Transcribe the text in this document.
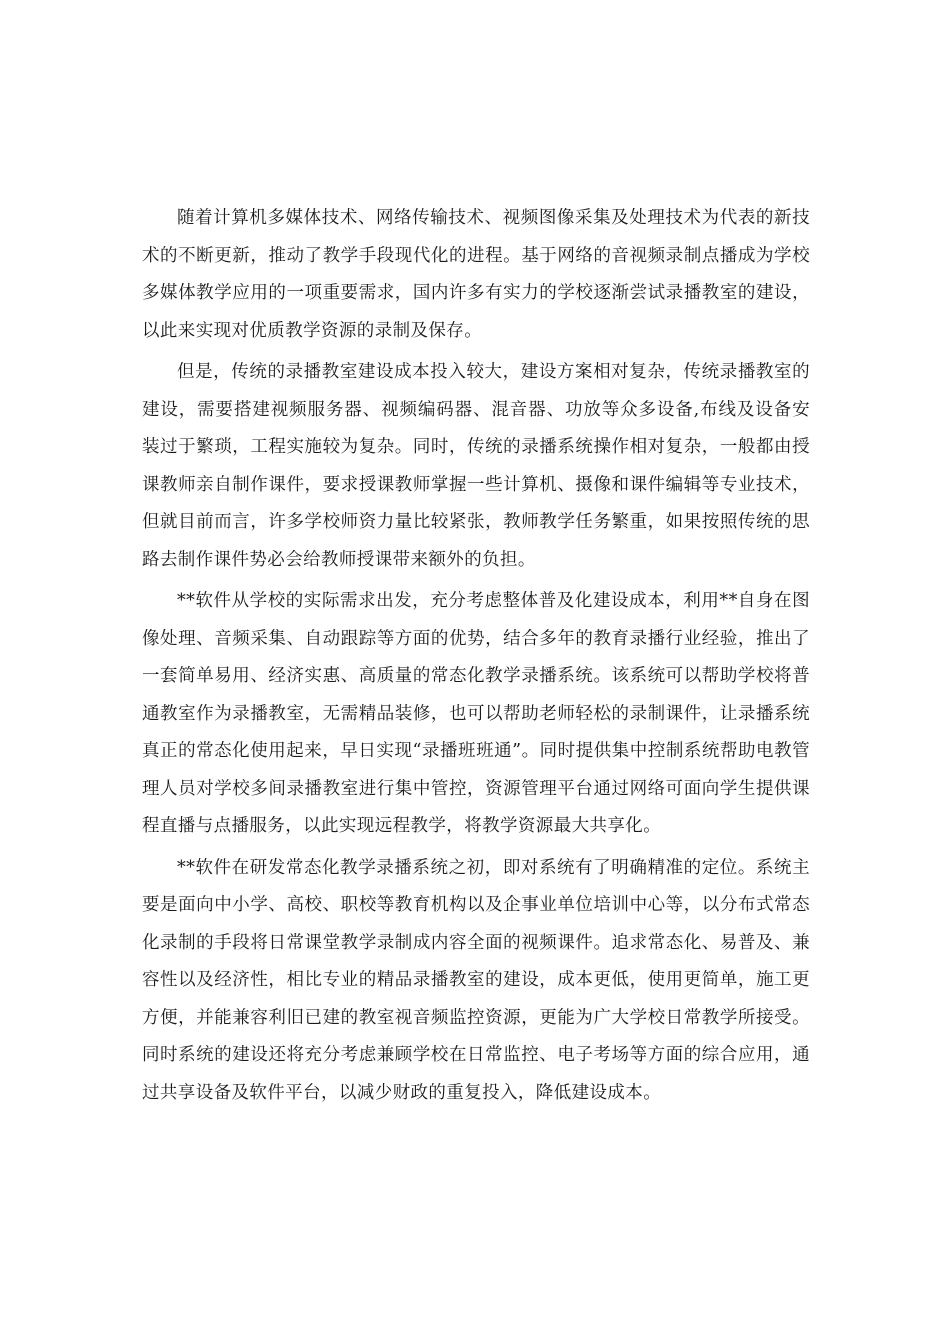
随着计算机多媒体技术、网络传输技术、视频图像采集及处理技术为代表的新技术的不断更新，推动了教学手段现代化的进程。基于网络的音视频录制点播成为学校多媒体教学应用的一项重要需求，国内许多有实力的学校逐渐尝试录播教室的建设，以此来实现对优质教学资源的录制及保存。

但是，传统的录播教室建设成本投入较大，建设方案相对复杂，传统录播教室的建设，需要搭建视频服务器、视频编码器、混音器、功放等众多设备,布线及设备安装过于繁琐，工程实施较为复杂。同时，传统的录播系统操作相对复杂，一般都由授课教师亲自制作课件，要求授课教师掌握一些计算机、摄像和课件编辑等专业技术，但就目前而言，许多学校师资力量比较紧张，教师教学任务繁重，如果按照传统的思路去制作课件势必会给教师授课带来额外的负担。

**软件从学校的实际需求出发，充分考虑整体普及化建设成本，利用**自身在图像处理、音频采集、自动跟踪等方面的优势，结合多年的教育录播行业经验，推出了一套简单易用、经济实惠、高质量的常态化教学录播系统。该系统可以帮助学校将普通教室作为录播教室，无需精品装修，也可以帮助老师轻松的录制课件，让录播系统真正的常态化使用起来，早日实现“录播班班通”。同时提供集中控制系统帮助电教管理人员对学校多间录播教室进行集中管控，资源管理平台通过网络可面向学生提供课程直播与点播服务，以此实现远程教学，将教学资源最大共享化。

**软件在研发常态化教学录播系统之初，即对系统有了明确精准的定位。系统主要是面向中小学、高校、职校等教育机构以及企事业单位培训中心等，以分布式常态化录制的手段将日常课堂教学录制成内容全面的视频课件。追求常态化、易普及、兼容性以及经济性，相比专业的精品录播教室的建设，成本更低，使用更简单，施工更方便，并能兼容利旧已建的教室视音频监控资源，更能为广大学校日常教学所接受。同时系统的建设还将充分考虑兼顾学校在日常监控、电子考场等方面的综合应用，通过共享设备及软件平台，以减少财政的重复投入，降低建设成本。
